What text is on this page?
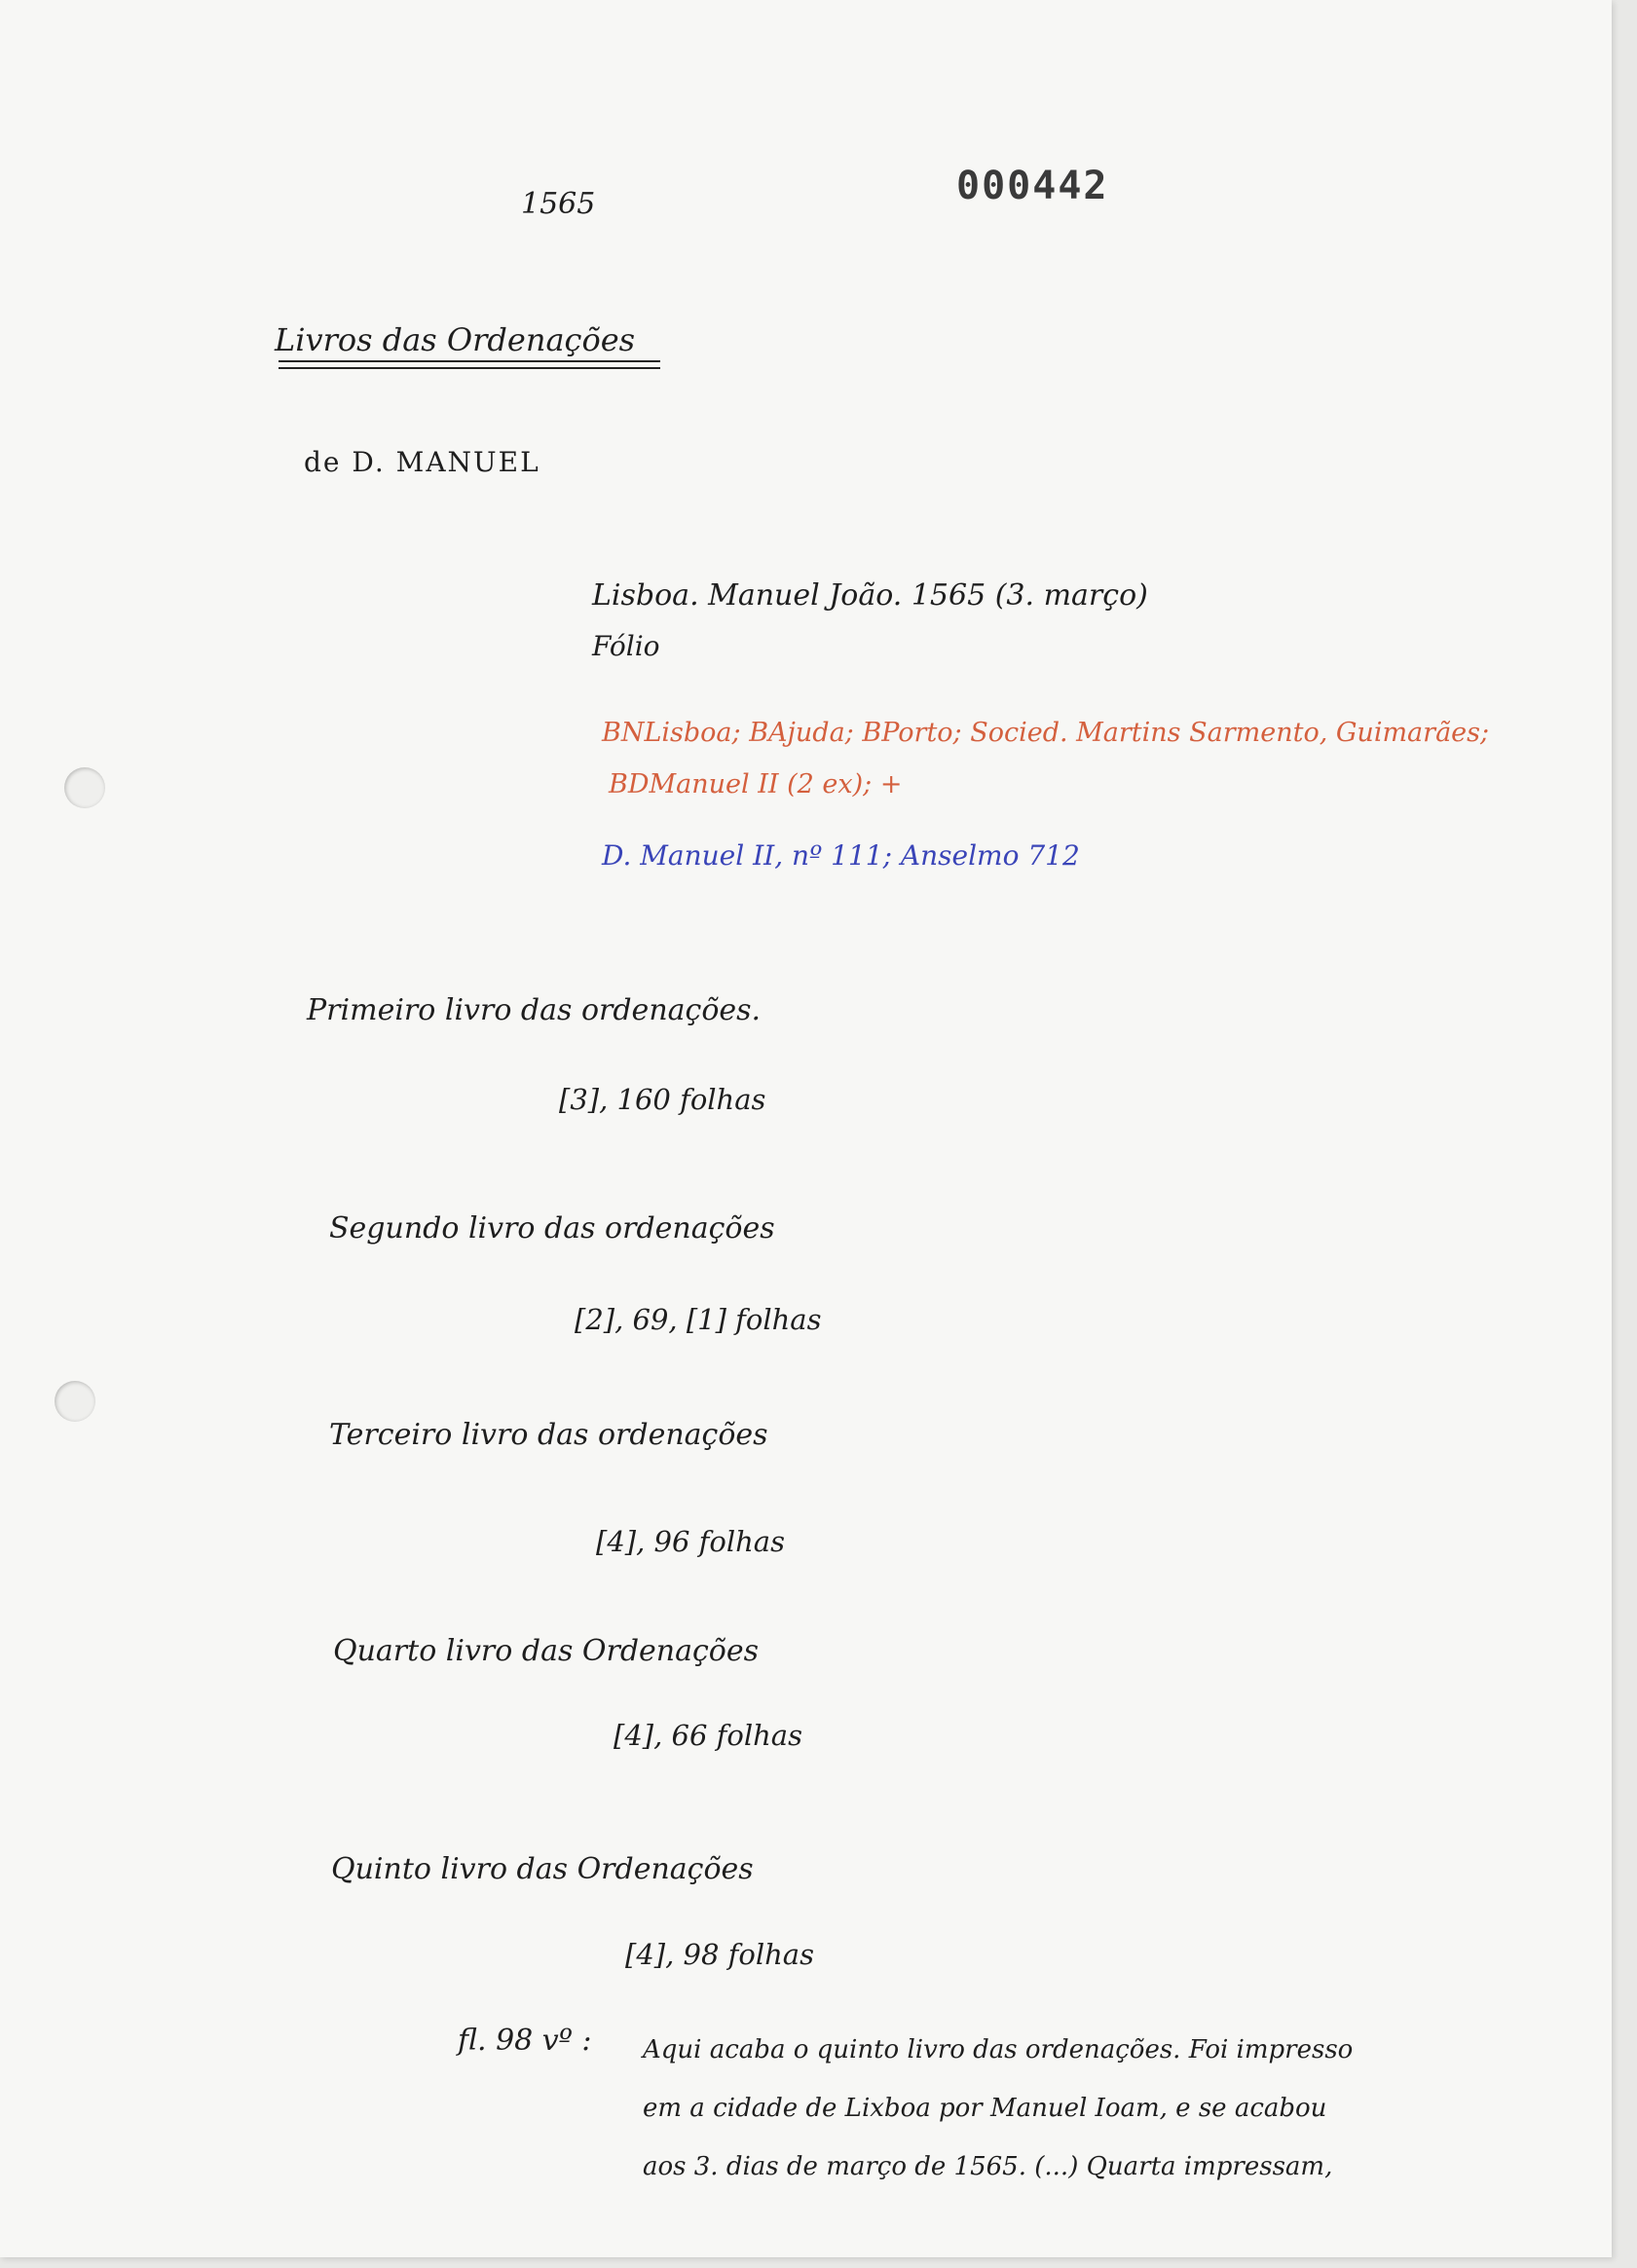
1565	000442
Livros das Ordenações
de D. MANUEL
Lisboa. Manuel João. 1565 (3. março)
Fólio
BNLisboa; BAjuda; BPorto; Socied. Martins Sarmento, Guimarães;
BDManuel II (2 ex); +
D. Manuel II, nº 111; Anselmo 712
Primeiro livro das ordenações.
[3], 160 folhas
Segundo livro das ordenações
[2], 69, [1] folhas
Terceiro livro das ordenações
[4], 96 folhas
Quarto livro das Ordenações
[4], 66 folhas
Quinto livro das Ordenações
[4], 98 folhas
fl. 98 vº : Aqui acaba o quinto livro das ordenações. Foi impresso
em a cidade de Lixboa por Manuel Ioam, e se acabou
aos 3. dias de março de 1565. (...) Quarta impressam,
